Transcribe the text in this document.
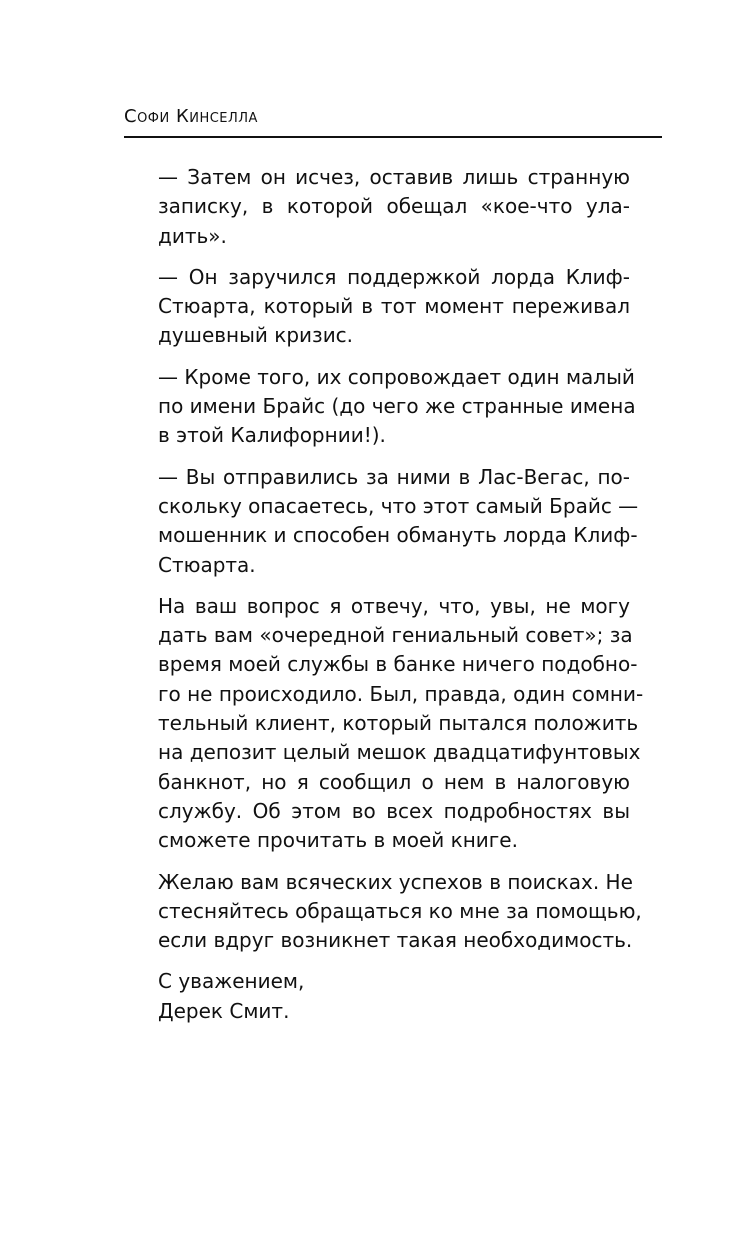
Софи Кинселла

— Затем он исчез, оставив лишь странную
записку, в которой обещал «кое-что ула-
дить».

— Он заручился поддержкой лорда Клиф-
Стюарта, который в тот момент переживал
душевный кризис.

— Кроме того, их сопровождает один малый
по имени Брайс (до чего же странные имена
в этой Калифорнии!).

— Вы отправились за ними в Лас-Вегас, по-
скольку опасаетесь, что этот самый Брайс —
мошенник и способен обмануть лорда Клиф-
Стюарта.

На ваш вопрос я отвечу, что, увы, не могу
дать вам «очередной гениальный совет»; за
время моей службы в банке ничего подобно-
го не происходило. Был, правда, один сомни-
тельный клиент, который пытался положить
на депозит целый мешок двадцатифунтовых
банкнот, но я сообщил о нем в налоговую
службу. Об этом во всех подробностях вы
сможете прочитать в моей книге.

Желаю вам всяческих успехов в поисках. Не
стесняйтесь обращаться ко мне за помощью,
если вдруг возникнет такая необходимость.

С уважением,
Дерек Смит.
